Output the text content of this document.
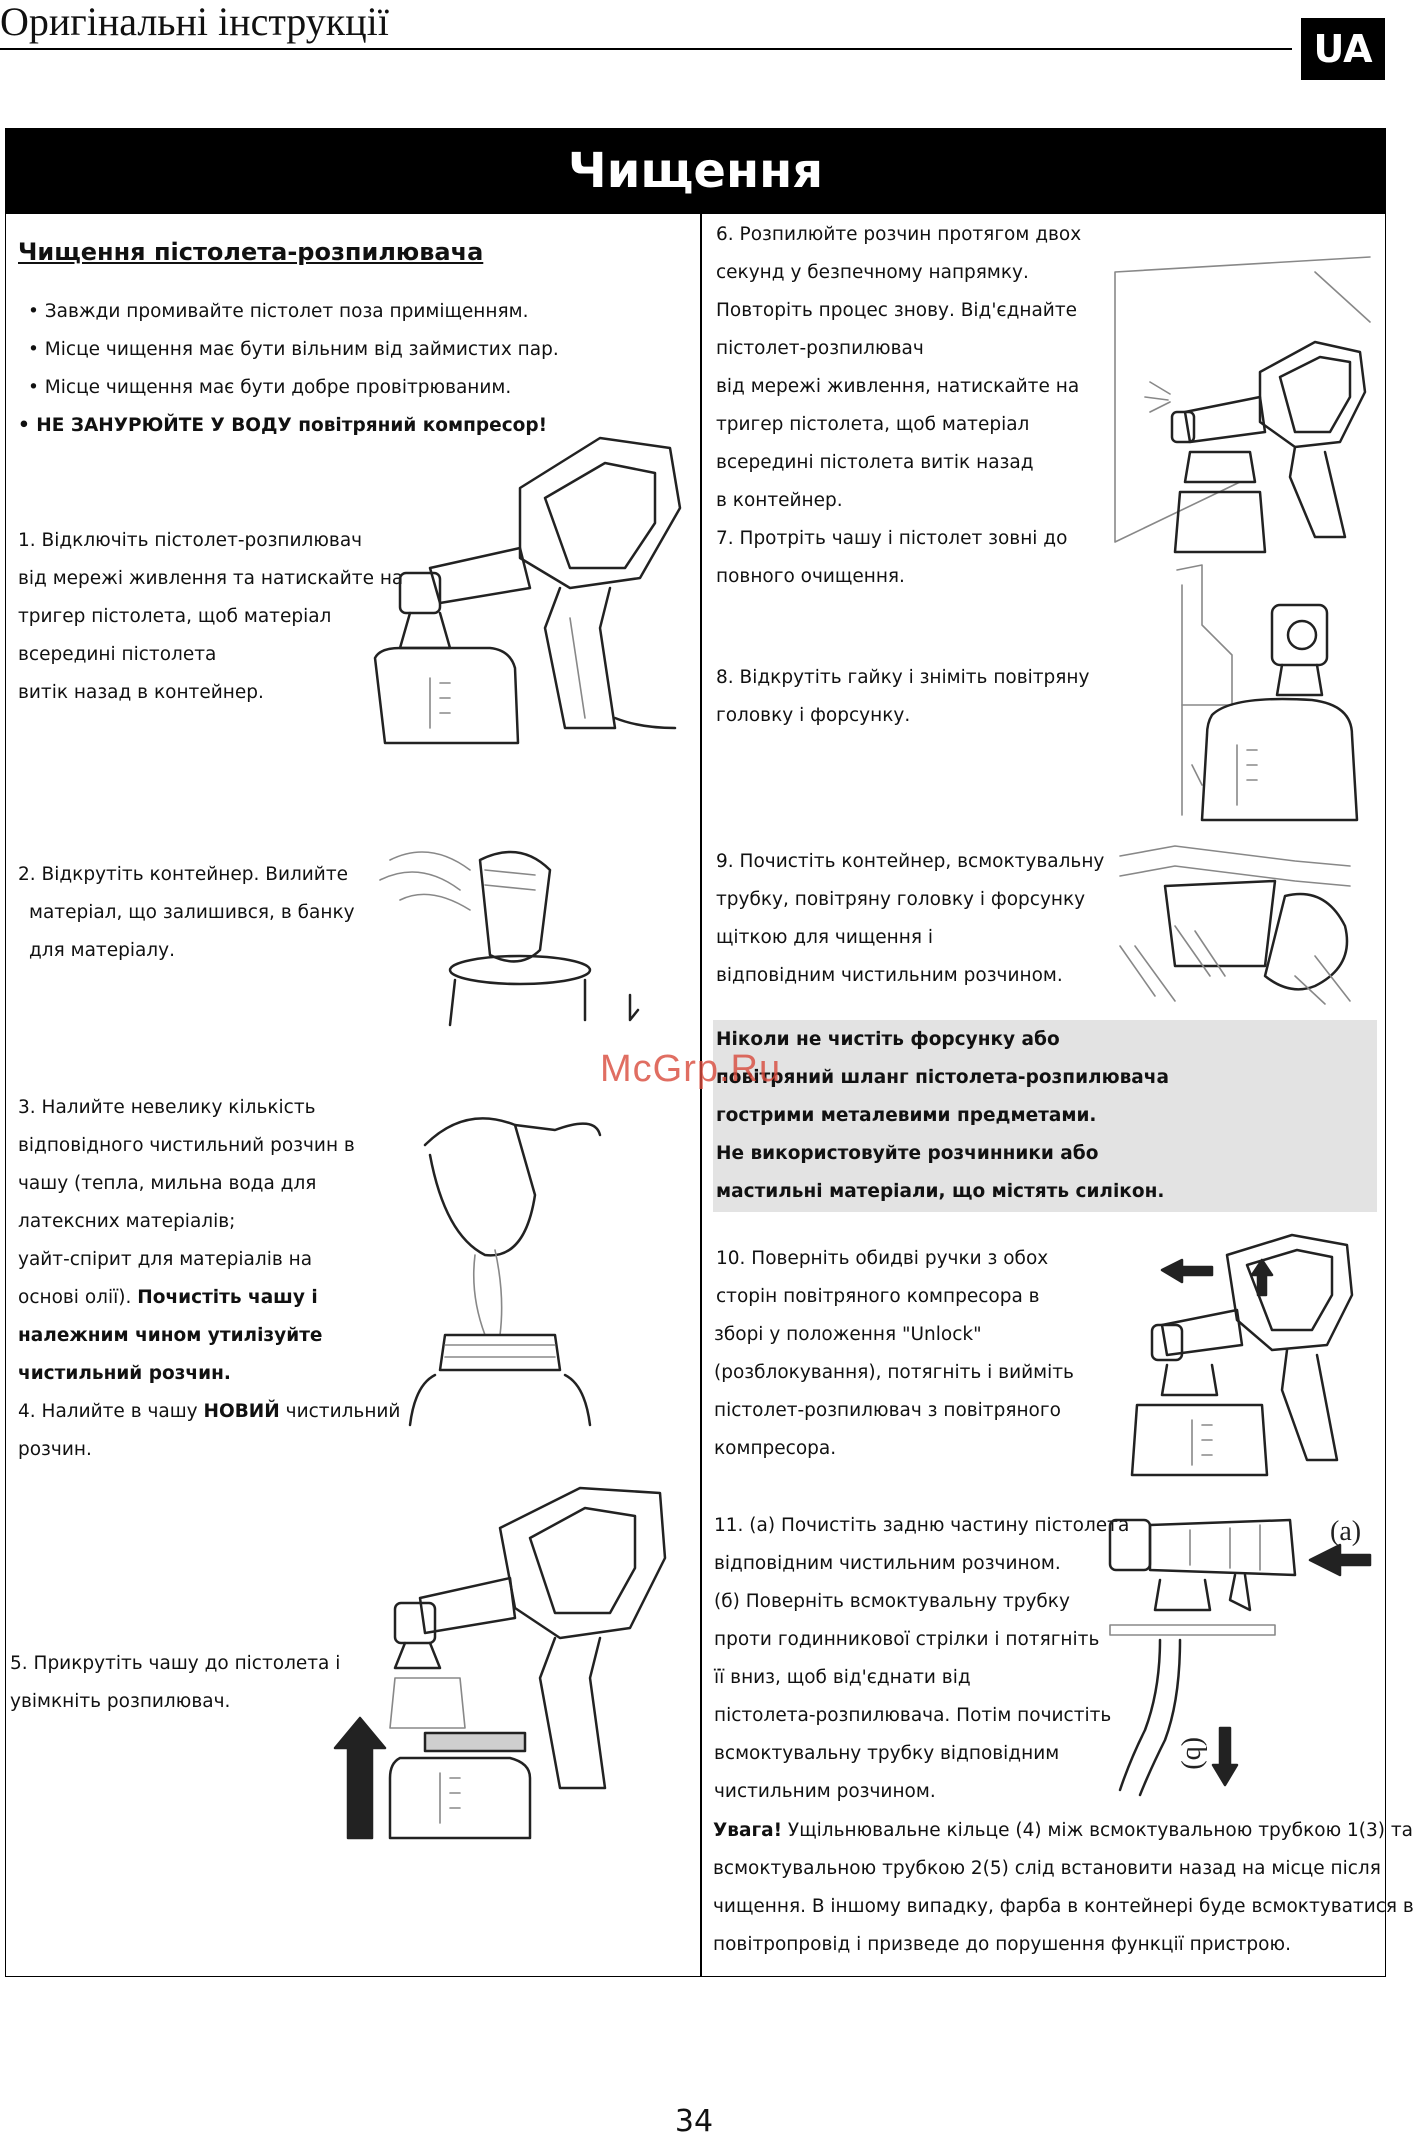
Оригінальні інструкції
UA
Чищення
Чищення пістолета-розпилювача
• Завжди промивайте пістолет поза приміщенням.
• Місце чищення має бути вільним від займистих пар.
• Місце чищення має бути добре провітрюваним.
• НЕ ЗАНУРЮЙТЕ У ВОДУ повітряний компресор!
1. Відключіть пістолет-розпилювач
від мережі живлення та натискайте на
тригер пістолета, щоб матеріал
всередині пістолета
витік назад в контейнер.
2. Відкрутіть контейнер. Вилийте
матеріал, що залишився, в банку
для матеріалу.
3. Налийте невелику кількість
відповідного чистильний розчин в
чашу (тепла, мильна вода для
латексних матеріалів;
уайт-спірит для матеріалів на
основі олії). Почистіть чашу і
належним чином утилізуйте
чистильний розчин.
4. Налийте в чашу НОВИЙ чистильний
розчин.
5. Прикрутіть чашу до пістолета і
увімкніть розпилювач.
6. Розпилюйте розчин протягом двох
секунд у безпечному напрямку.
Повторіть процес знову. Від'єднайте
пістолет-розпилювач
від мережі живлення, натискайте на
тригер пістолета, щоб матеріал
всередині пістолета витік назад
в контейнер.
7. Протріть чашу і пістолет зовні до
повного очищення.
8. Відкрутіть гайку і зніміть повітряну
головку і форсунку.
9. Почистіть контейнер, всмоктувальну
трубку, повітряну головку і форсунку
щіткою для чищення і
відповідним чистильним розчином.
Ніколи не чистіть форсунку або
повітряний шланг пістолета-розпилювача
гострими металевими предметами.
Не використовуйте розчинники або
мастильні матеріали, що містять силікон.
McGrp.Ru
10. Поверніть обидві ручки з обох
сторін повітряного компресора в
зборі у положення "Unlock"
(розблокування), потягніть і вийміть
пістолет-розпилювач з повітряного
компресора.
11. (а) Почистіть задню частину пістолета
відповідним чистильним розчином.
(б) Поверніть всмоктувальну трубку
проти годинникової стрілки і потягніть
її вниз, щоб від'єднати від
пістолета-розпилювача. Потім почистіть
всмоктувальну трубку відповідним
чистильним розчином.
Увага! Ущільнювальне кільце (4) між всмоктувальною трубкою 1(3) та
всмоктувальною трубкою 2(5) слід встановити назад на місце після
чищення. В іншому випадку, фарба в контейнері буде всмоктуватися в
повітропровід і призведе до порушення функції пристрою.
(a)
(b)
34
